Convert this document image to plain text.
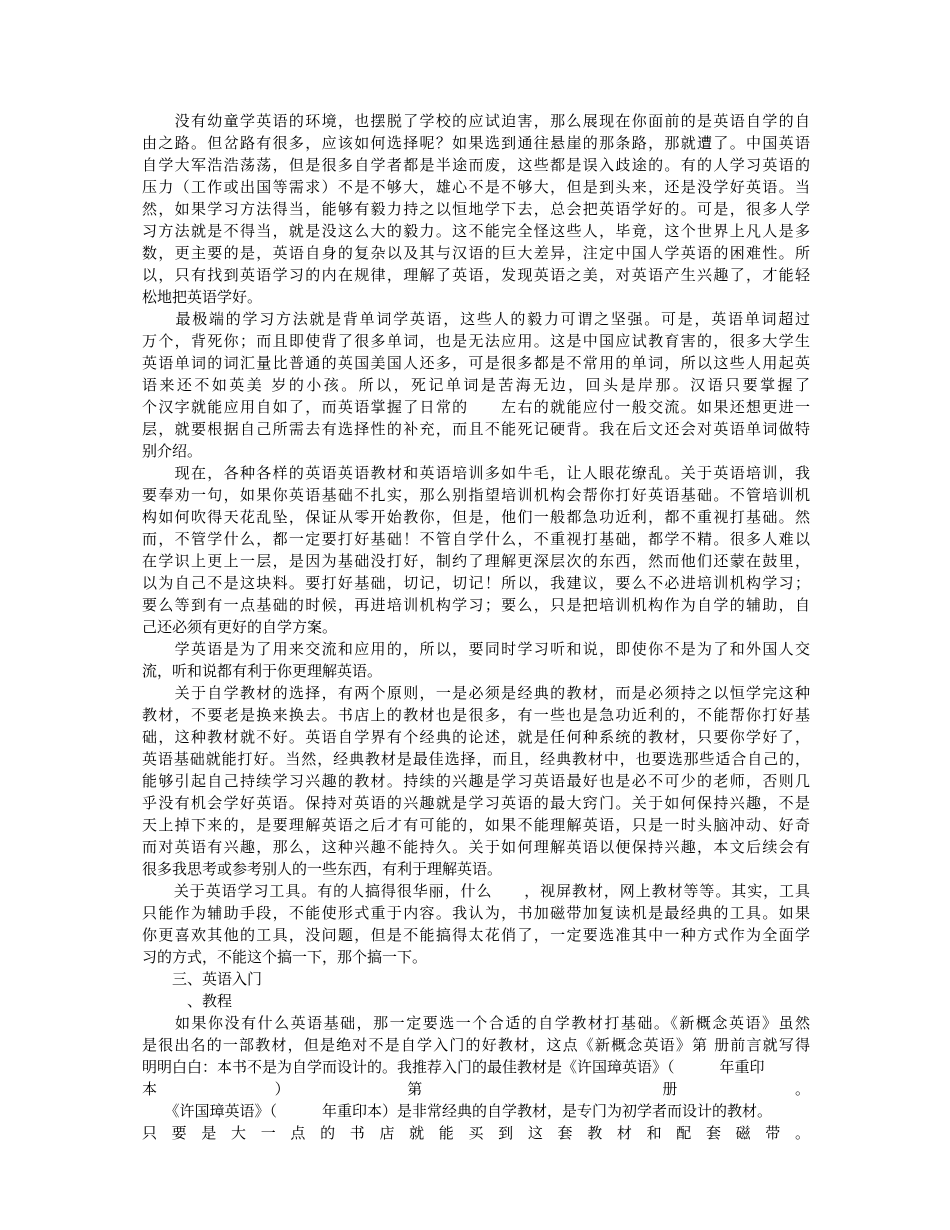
　　没有幼童学英语的环境，也摆脱了学校的应试迫害，那么展现在你面前的是英语自学的自
由之路。但岔路有很多，应该如何选择呢？如果选到通往悬崖的那条路，那就遭了。中国英语
自学大军浩浩荡荡，但是很多自学者都是半途而废，这些都是误入歧途的。有的人学习英语的
压力（工作或出国等需求）不是不够大，雄心不是不够大，但是到头来，还是没学好英语。当
然，如果学习方法得当，能够有毅力持之以恒地学下去，总会把英语学好的。可是，很多人学
习方法就是不得当，就是没这么大的毅力。这不能完全怪这些人，毕竟，这个世界上凡人是多
数，更主要的是，英语自身的复杂以及其与汉语的巨大差异，注定中国人学英语的困难性。所
以，只有找到英语学习的内在规律，理解了英语，发现英语之美，对英语产生兴趣了，才能轻
松地把英语学好。
　　最极端的学习方法就是背单词学英语，这些人的毅力可谓之坚强。可是，英语单词超过
万个，背死你；而且即使背了很多单词，也是无法应用。这是中国应试教育害的，很多大学生
英语单词的词汇量比普通的英国美国人还多，可是很多都是不常用的单词，所以这些人用起英
语来还不如英美 岁的小孩。所以，死记单词是苦海无边，回头是岸那。汉语只要掌握了
个汉字就能应用自如了，而英语掌握了日常的　　左右的就能应付一般交流。如果还想更进一
层，就要根据自己所需去有选择性的补充，而且不能死记硬背。我在后文还会对英语单词做特
别介绍。
　　现在，各种各样的英语英语教材和英语培训多如牛毛，让人眼花缭乱。关于英语培训，我
要奉劝一句，如果你英语基础不扎实，那么别指望培训机构会帮你打好英语基础。不管培训机
构如何吹得天花乱坠，保证从零开始教你，但是，他们一般都急功近利，都不重视打基础。然
而，不管学什么，都一定要打好基础！不管自学什么，不重视打基础，都学不精。很多人难以
在学识上更上一层，是因为基础没打好，制约了理解更深层次的东西，然而他们还蒙在鼓里，
以为自己不是这块料。要打好基础，切记，切记！所以，我建议，要么不必进培训机构学习；
要么等到有一点基础的时候，再进培训机构学习；要么，只是把培训机构作为自学的辅助，自
己还必须有更好的自学方案。
　　学英语是为了用来交流和应用的，所以，要同时学习听和说，即使你不是为了和外国人交
流，听和说都有利于你更理解英语。
　　关于自学教材的选择，有两个原则，一是必须是经典的教材，而是必须持之以恒学完这种
教材，不要老是换来换去。书店上的教材也是很多，有一些也是急功近利的，不能帮你打好基
础，这种教材就不好。英语自学界有个经典的论述，就是任何种系统的教材，只要你学好了，
英语基础就能打好。当然，经典教材是最佳选择，而且，经典教材中，也要选那些适合自己的，
能够引起自己持续学习兴趣的教材。持续的兴趣是学习英语最好也是必不可少的老师，否则几
乎没有机会学好英语。保持对英语的兴趣就是学习英语的最大窍门。关于如何保持兴趣，不是
天上掉下来的，是要理解英语之后才有可能的，如果不能理解英语，只是一时头脑冲动、好奇
而对英语有兴趣，那么，这种兴趣不能持久。关于如何理解英语以便保持兴趣，本文后续会有
很多我思考或参考别人的一些东西，有利于理解英语。
　　关于英语学习工具。有的人搞得很华丽，什么　　，视屏教材，网上教材等等。其实，工具
只能作为辅助手段，不能使形式重于内容。我认为，书加磁带加复读机是最经典的工具。如果
你更喜欢其他的工具，没问题，但是不能搞得太花俏了，一定要选准其中一种方式作为全面学
习的方式，不能这个搞一下，那个搞一下。
　　三、英语入门
　　　、教程
　　如果你没有什么英语基础，那一定要选一个合适的自学教材打基础。《新概念英语》虽然
是很出名的一部教材，但是绝对不是自学入门的好教材，这点《新概念英语》第 册前言就写得
明明白白：本书不是为自学而设计的。我推荐入门的最佳教材是《许国璋英语》（　　　年重印
本）第 册。
　　《许国璋英语》（　　　年重印本）是非常经典的自学教材，是专门为初学者而设计的教材。
只要是大一点的书店就能买到这套教材和配套磁带。
